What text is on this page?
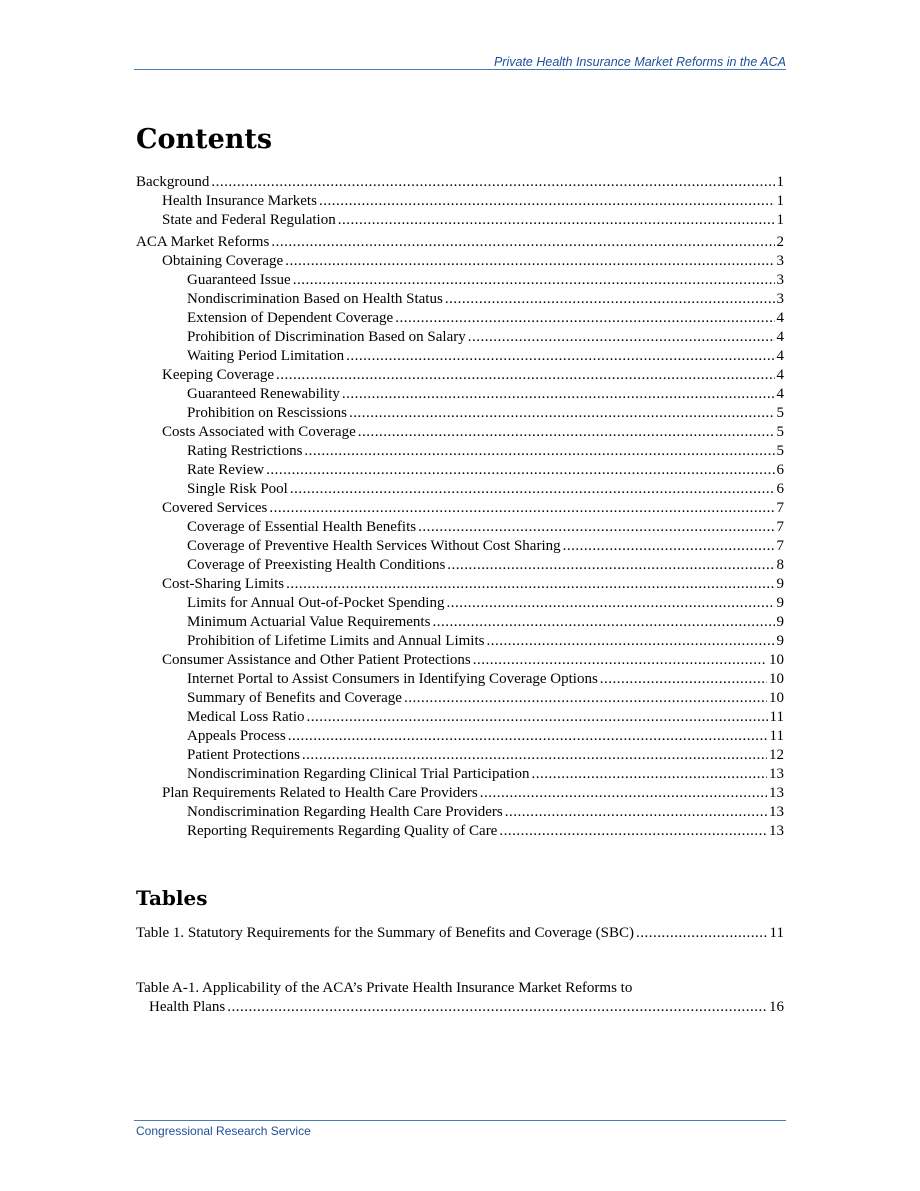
Private Health Insurance Market Reforms in the ACA
Contents
Background .....	1
Health Insurance Markets .....	1
State and Federal Regulation .....	1
ACA Market Reforms .....	2
Obtaining Coverage .....	3
Guaranteed Issue .....	3
Nondiscrimination Based on Health Status .....	3
Extension of Dependent Coverage .....	4
Prohibition of Discrimination Based on Salary .....	4
Waiting Period Limitation .....	4
Keeping Coverage .....	4
Guaranteed Renewability .....	4
Prohibition on Rescissions .....	5
Costs Associated with Coverage .....	5
Rating Restrictions .....	5
Rate Review .....	6
Single Risk Pool .....	6
Covered Services .....	7
Coverage of Essential Health Benefits .....	7
Coverage of Preventive Health Services Without Cost Sharing .....	7
Coverage of Preexisting Health Conditions .....	8
Cost-Sharing Limits .....	9
Limits for Annual Out-of-Pocket Spending .....	9
Minimum Actuarial Value Requirements .....	9
Prohibition of Lifetime Limits and Annual Limits .....	9
Consumer Assistance and Other Patient Protections .....	10
Internet Portal to Assist Consumers in Identifying Coverage Options .....	10
Summary of Benefits and Coverage .....	10
Medical Loss Ratio .....	11
Appeals Process .....	11
Patient Protections .....	12
Nondiscrimination Regarding Clinical Trial Participation .....	13
Plan Requirements Related to Health Care Providers .....	13
Nondiscrimination Regarding Health Care Providers .....	13
Reporting Requirements Regarding Quality of Care .....	13
Tables
Table 1. Statutory Requirements for the Summary of Benefits and Coverage (SBC) .....	11
Table A-1. Applicability of the ACA’s Private Health Insurance Market Reforms to
Health Plans .....	16
Congressional Research Service
